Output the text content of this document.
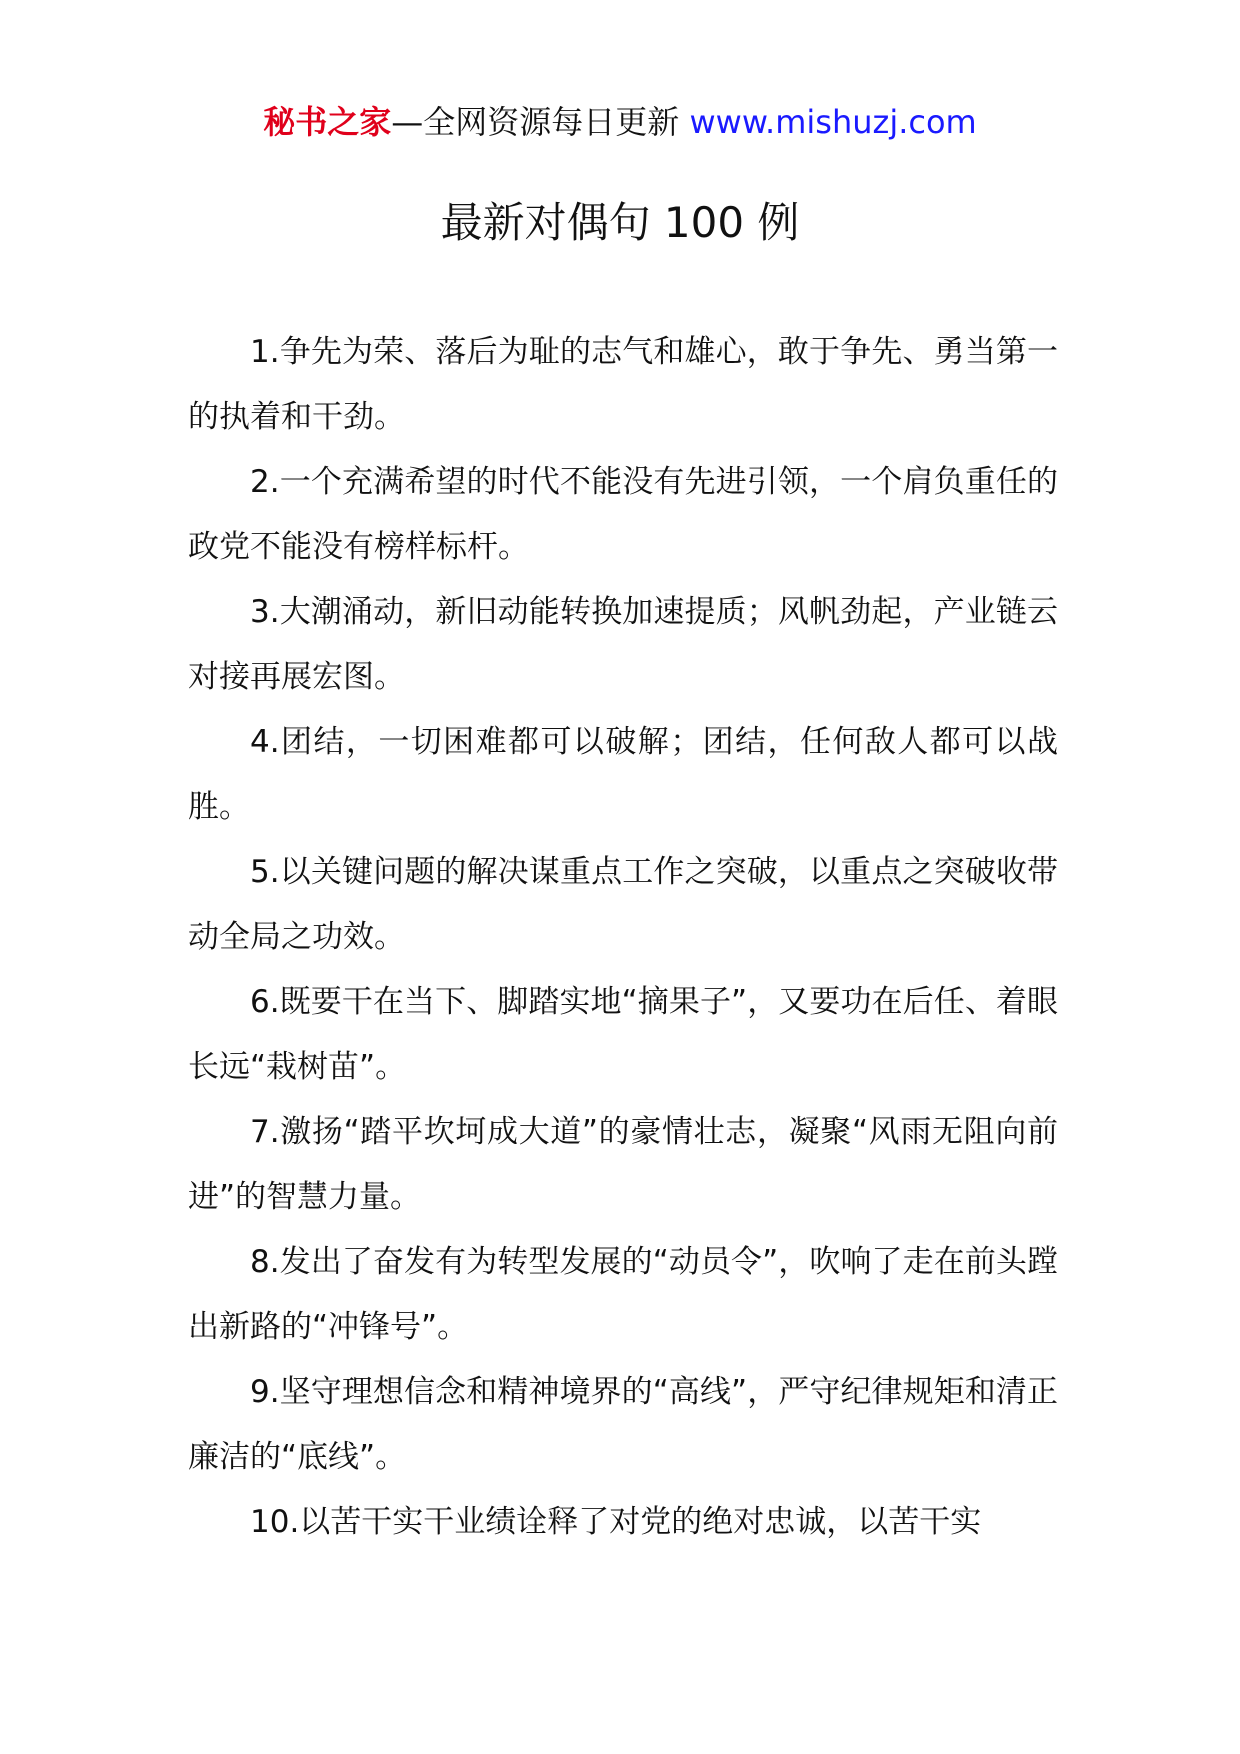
秘书之家—全网资源每日更新 www.mishuzj.com
最新对偶句 100 例

1.争先为荣、落后为耻的志气和雄心，敢于争先、勇当第一的执着和干劲。

2.一个充满希望的时代不能没有先进引领，一个肩负重任的政党不能没有榜样标杆。

3.大潮涌动，新旧动能转换加速提质；风帆劲起，产业链云对接再展宏图。

4.团结，一切困难都可以破解；团结，任何敌人都可以战胜。

5.以关键问题的解决谋重点工作之突破，以重点之突破收带动全局之功效。

6.既要干在当下、脚踏实地“摘果子”，又要功在后任、着眼长远“栽树苗”。

7.激扬“踏平坎坷成大道”的豪情壮志，凝聚“风雨无阻向前进”的智慧力量。

8.发出了奋发有为转型发展的“动员令”，吹响了走在前头蹚出新路的“冲锋号”。

9.坚守理想信念和精神境界的“高线”，严守纪律规矩和清正廉洁的“底线”。

10.以苦干实干业绩诠释了对党的绝对忠诚，以苦干实
